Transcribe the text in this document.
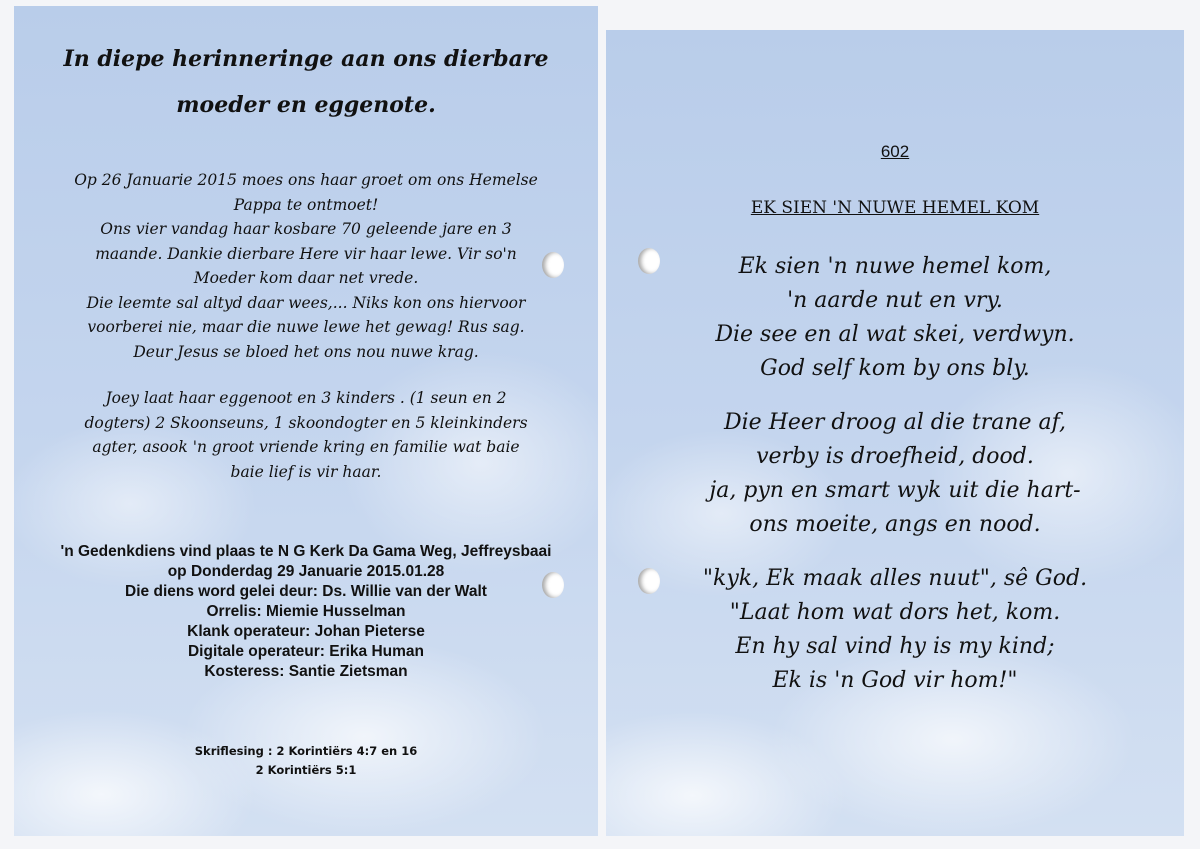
In diepe herinneringe aan ons dierbare
moeder en eggenote.

Op 26 Januarie 2015 moes ons haar groet om ons Hemelse
Pappa te ontmoet!
Ons vier vandag haar kosbare 70 geleende jare en 3
maande. Dankie dierbare Here vir haar lewe. Vir so'n
Moeder kom daar net vrede.
Die leemte sal altyd daar wees,... Niks kon ons hiervoor
voorberei nie, maar die nuwe lewe het gewag! Rus sag.
Deur Jesus se bloed het ons nou nuwe krag.

Joey laat haar eggenoot en 3 kinders . (1 seun en 2
dogters) 2 Skoonseuns, 1 skoondogter en 5 kleinkinders
agter, asook 'n groot vriende kring en familie wat baie
baie lief is vir haar.

'n Gedenkdiens vind plaas te N G Kerk Da Gama Weg, Jeffreysbaai
op Donderdag 29 Januarie 2015.01.28
Die diens word gelei deur: Ds. Willie van der Walt
Orrelis: Miemie Husselman
Klank operateur: Johan Pieterse
Digitale operateur: Erika Human
Kosteress: Santie Zietsman
Skriflesing : 2 Korintiërs 4:7 en 16
2 Korintiërs 5:1
602
EK SIEN 'N NUWE HEMEL KOM
Ek sien 'n nuwe hemel kom,
'n aarde nut en vry.
Die see en al wat skei, verdwyn.
God self kom by ons bly.
Die Heer droog al die trane af,
verby is droefheid, dood.
ja, pyn en smart wyk uit die hart-
ons moeite, angs en nood.
"kyk, Ek maak alles nuut", sê God.
"Laat hom wat dors het, kom.
En hy sal vind hy is my kind;
Ek is 'n God vir hom!"
